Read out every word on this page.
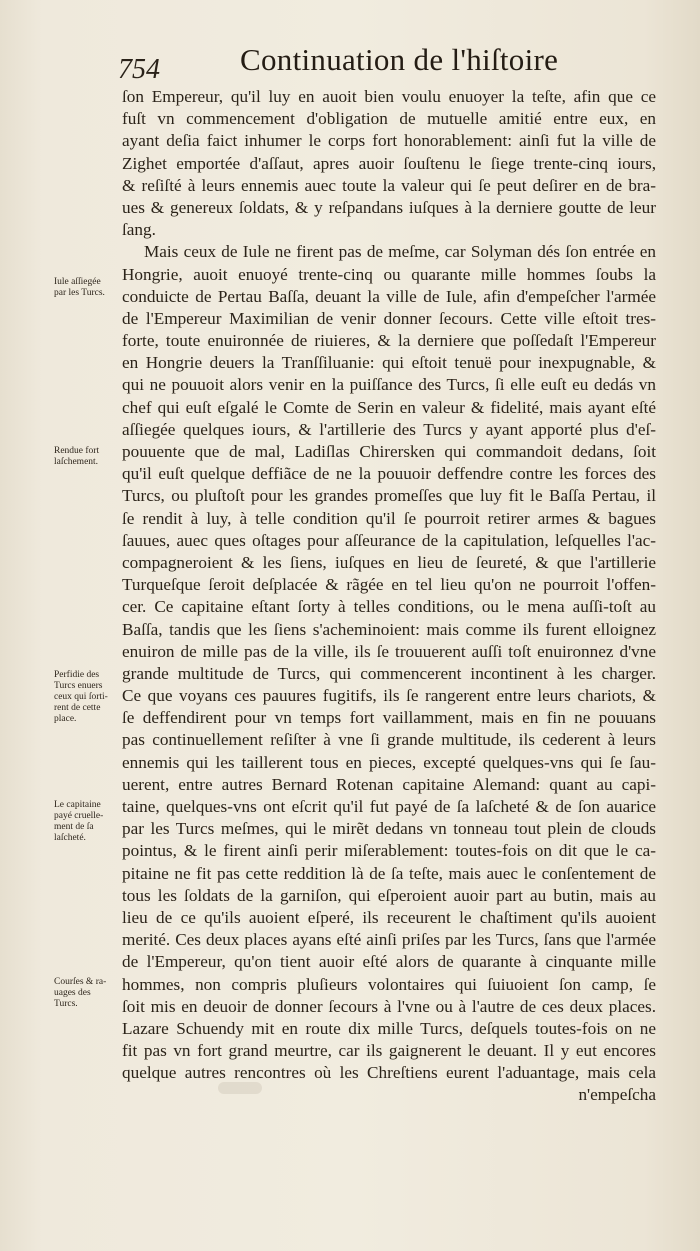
754	Continuation de l'hiſtoire
ſon Empereur, qu'il luy en auoit bien voulu enuoyer la teſte, afin que ce
fuſt vn commencement d'obligation de mutuelle amitié entre eux, en
ayant deſia faict inhumer le corps fort honorablement: ainſi fut la ville de
Zighet emportée d'aſſaut, apres auoir ſouſtenu le ſiege trente-cinq iours,
& reſiſté à leurs ennemis auec toute la valeur qui ſe peut deſirer en de bra-
ues & genereux ſoldats, & y reſpandans iuſques à la derniere goutte de leur
ſang.
Mais ceux de Iule ne firent pas de meſme, car Solyman dés ſon entrée en
Hongrie, auoit enuoyé trente-cinq ou quarante mille hommes ſoubs la
conduicte de Pertau Baſſa, deuant la ville de Iule, afin d'empeſcher l'armée
de l'Empereur Maximilian de venir donner ſecours. Cette ville eſtoit tres-
forte, toute enuironnée de riuieres, & la derniere que poſſedaſt l'Empereur
en Hongrie deuers la Tranſſiluanie: qui eſtoit tenuë pour inexpugnable, &
qui ne pouuoit alors venir en la puiſſance des Turcs, ſi elle euſt eu dedás vn
chef qui euſt eſgalé le Comte de Serin en valeur & fidelité, mais ayant eſté
aſſiegée quelques iours, & l'artillerie des Turcs y ayant apporté plus d'eſ-
pouuente que de mal, Ladiſlas Chirersken qui commandoit dedans, ſoit
qu'il euſt quelque deffiãce de ne la pouuoir deffendre contre les forces des
Turcs, ou pluſtoſt pour les grandes promeſſes que luy fit le Baſſa Pertau, il
ſe rendit à luy, à telle condition qu'il ſe pourroit retirer armes & bagues
ſauues, auec ques oſtages pour aſſeurance de la capitulation, leſquelles l'ac-
compagneroient & les ſiens, iuſques en lieu de ſeureté, & que l'artillerie
Turqueſque ſeroit deſplacée & rãgée en tel lieu qu'on ne pourroit l'offen-
cer. Ce capitaine eſtant ſorty à telles conditions, ou le mena auſſi-toſt au
Baſſa, tandis que les ſiens s'acheminoient: mais comme ils furent elloignez
enuiron de mille pas de la ville, ils ſe trouuerent auſſi toſt enuironnez d'vne
grande multitude de Turcs, qui commencerent incontinent à les charger.
Ce que voyans ces pauures fugitifs, ils ſe rangerent entre leurs chariots, &
ſe deffendirent pour vn temps fort vaillamment, mais en fin ne pouuans
pas continuellement reſiſter à vne ſi grande multitude, ils cederent à leurs
ennemis qui les taillerent tous en pieces, excepté quelques-vns qui ſe ſau-
uerent, entre autres Bernard Rotenan capitaine Alemand: quant au capi-
taine, quelques-vns ont eſcrit qu'il fut payé de ſa laſcheté & de ſon auarice
par les Turcs meſmes, qui le mirẽt dedans vn tonneau tout plein de clouds
pointus, & le firent ainſi perir miſerablement: toutes-fois on dit que le ca-
pitaine ne fit pas cette reddition là de ſa teſte, mais auec le conſentement de
tous les ſoldats de la garniſon, qui eſperoient auoir part au butin, mais au
lieu de ce qu'ils auoient eſperé, ils receurent le chaſtiment qu'ils auoient
merité. Ces deux places ayans eſté ainſi priſes par les Turcs, ſans que l'armée
de l'Empereur, qu'on tient auoir eſté alors de quarante à cinquante mille
hommes, non compris pluſieurs volontaires qui ſuiuoient ſon camp, ſe
ſoit mis en deuoir de donner ſecours à l'vne ou à l'autre de ces deux places.
Lazare Schuendy mit en route dix mille Turcs, deſquels toutes-fois on ne
fit pas vn fort grand meurtre, car ils gaignerent le deuant. Il y eut encores
quelque autres rencontres où les Chreſtiens eurent l'aduantage, mais cela
n'empeſcha
Iule aſſiegée
par les Turcs.
Rendue fort
laſchement.
Perfidie des
Turcs enuers
ceux qui ſorti-
rent de cette
place.
Le capitaine
payé cruelle-
ment de ſa
laſcheté.
Courſes & ra-
uages des
Turcs.
